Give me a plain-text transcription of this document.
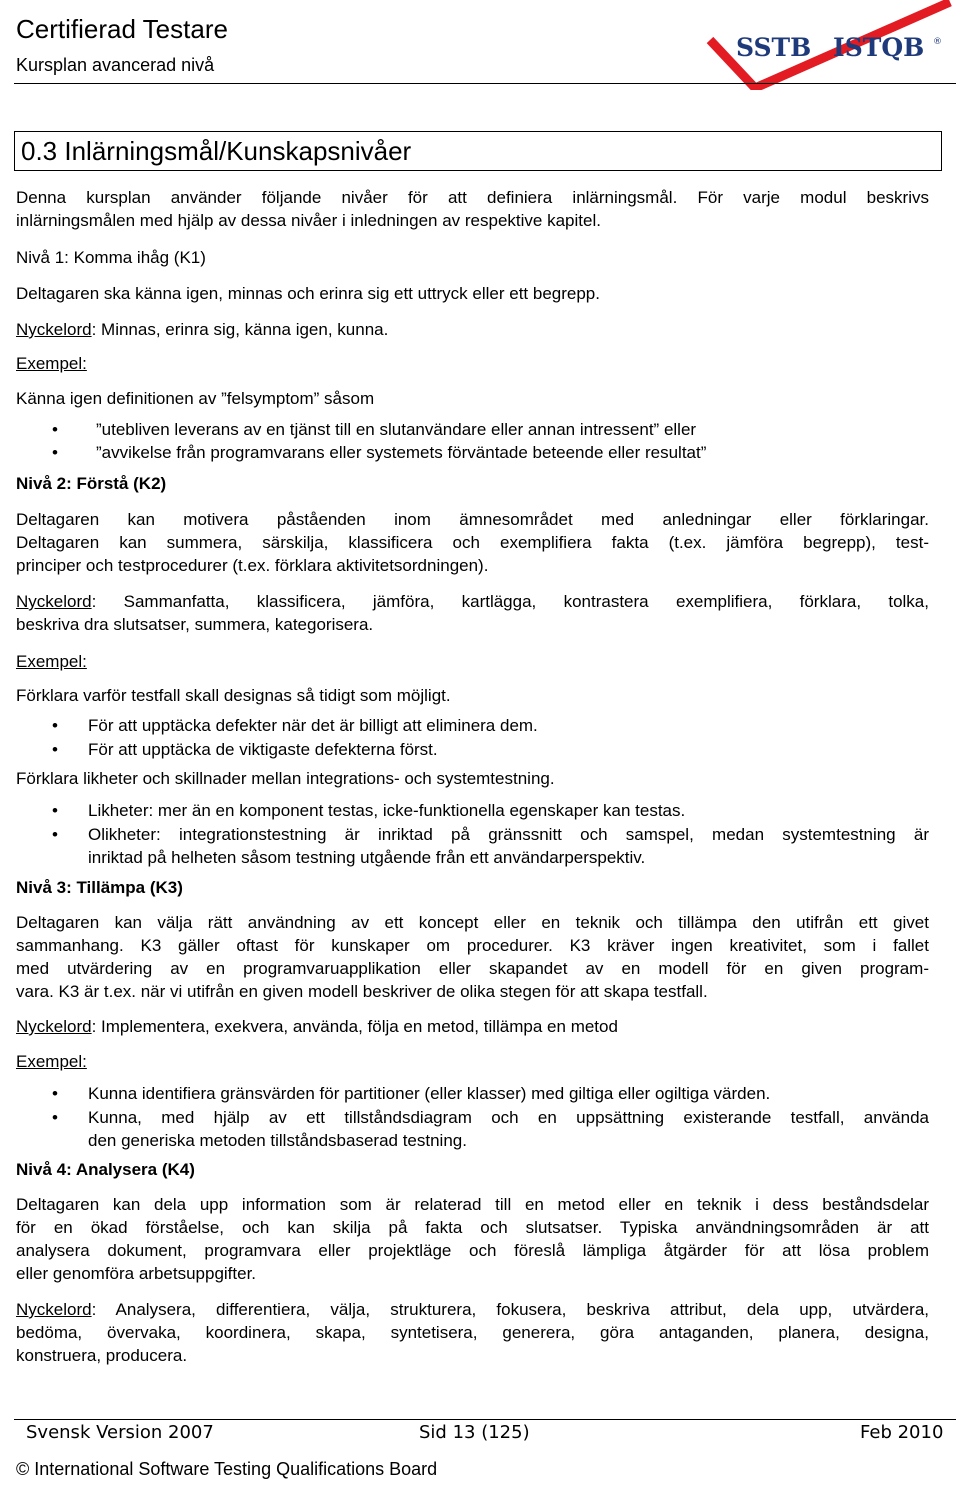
Certifierad Testare
Kursplan avancerad nivå
SSTB ISTQB ®
0.3 Inlärningsmål/Kunskapsnivåer
Denna kursplan använder följande nivåer för att definiera inlärningsmål. För varje modul beskrivs
inlärningsmålen med hjälp av dessa nivåer i inledningen av respektive kapitel.
Nivå 1: Komma ihåg (K1)
Deltagaren ska känna igen, minnas och erinra sig ett uttryck eller ett begrepp.
Nyckelord: Minnas, erinra sig, känna igen, kunna.
Exempel:
Känna igen definitionen av ”felsymptom” såsom
• ”utebliven leverans av en tjänst till en slutanvändare eller annan intressent” eller
• ”avvikelse från programvarans eller systemets förväntade beteende eller resultat”
Nivå 2: Förstå (K2)
Deltagaren kan motivera påståenden inom ämnesområdet med anledningar eller förklaringar.
Deltagaren kan summera, särskilja, klassificera och exemplifiera fakta (t.ex. jämföra begrepp), test-
principer och testprocedurer (t.ex. förklara aktivitetsordningen).
Nyckelord: Sammanfatta, klassificera, jämföra, kartlägga, kontrastera exemplifiera, förklara, tolka,
beskriva dra slutsatser, summera, kategorisera.
Exempel:
Förklara varför testfall skall designas så tidigt som möjligt.
• För att upptäcka defekter när det är billigt att eliminera dem.
• För att upptäcka de viktigaste defekterna först.
Förklara likheter och skillnader mellan integrations- och systemtestning.
• Likheter: mer än en komponent testas, icke-funktionella egenskaper kan testas.
• Olikheter: integrationstestning är inriktad på gränssnitt och samspel, medan systemtestning är
inriktad på helheten såsom testning utgående från ett användarperspektiv.
Nivå 3: Tillämpa (K3)
Deltagaren kan välja rätt användning av ett koncept eller en teknik och tillämpa den utifrån ett givet
sammanhang. K3 gäller oftast för kunskaper om procedurer. K3 kräver ingen kreativitet, som i fallet
med utvärdering av en programvaruapplikation eller skapandet av en modell för en given program-
vara. K3 är t.ex. när vi utifrån en given modell beskriver de olika stegen för att skapa testfall.
Nyckelord: Implementera, exekvera, använda, följa en metod, tillämpa en metod
Exempel:
• Kunna identifiera gränsvärden för partitioner (eller klasser) med giltiga eller ogiltiga värden.
• Kunna, med hjälp av ett tillståndsdiagram och en uppsättning existerande testfall, använda
den generiska metoden tillståndsbaserad testning.
Nivå 4: Analysera (K4)
Deltagaren kan dela upp information som är relaterad till en metod eller en teknik i dess beståndsdelar
för en ökad förståelse, och kan skilja på fakta och slutsatser. Typiska användningsområden är att
analysera dokument, programvara eller projektläge och föreslå lämpliga åtgärder för att lösa problem
eller genomföra arbetsuppgifter.
Nyckelord: Analysera, differentiera, välja, strukturera, fokusera, beskriva attribut, dela upp, utvärdera,
bedöma, övervaka, koordinera, skapa, syntetisera, generera, göra antaganden, planera, designa,
konstruera, producera.
Svensk Version 2007	Sid 13 (125)	Feb 2010
© International Software Testing Qualifications Board
